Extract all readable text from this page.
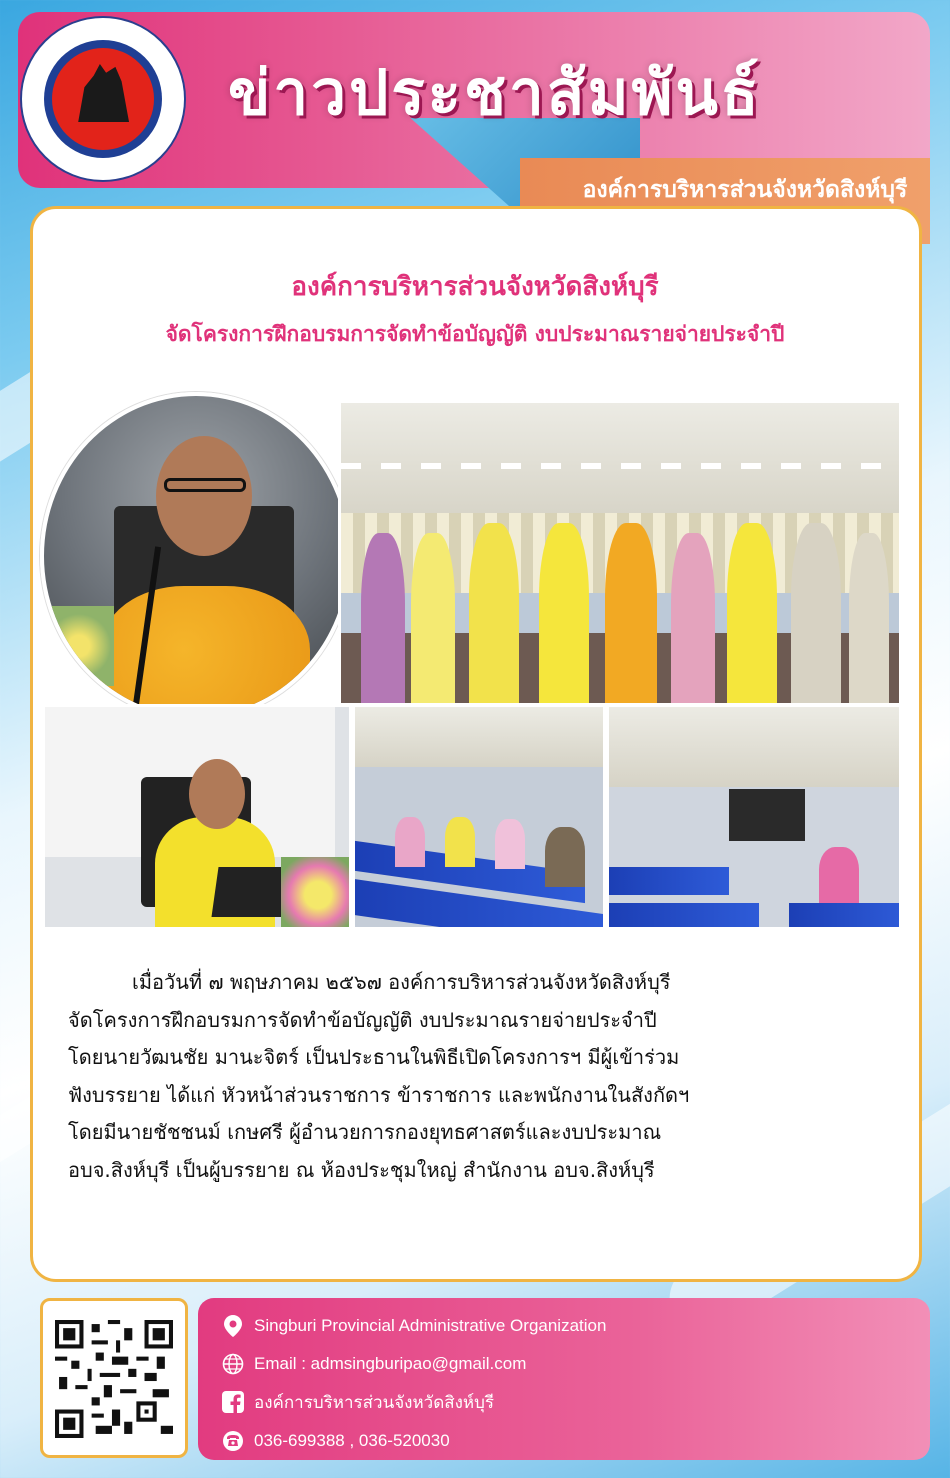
ข่าวประชาสัมพันธ์
องค์การบริหารส่วนจังหวัดสิงห์บุรี
องค์การบริหารส่วนจังหวัดสิงห์บุรี
จัดโครงการฝึกอบรมการจัดทำข้อบัญญัติ งบประมาณรายจ่ายประจำปี
เมื่อวันที่ ๗ พฤษภาคม ๒๕๖๗ องค์การบริหารส่วนจังหวัดสิงห์บุรี
จัดโครงการฝึกอบรมการจัดทำข้อบัญญัติ งบประมาณรายจ่ายประจำปี
โดยนายวัฒนชัย มานะจิตร์ เป็นประธานในพิธีเปิดโครงการฯ มีผู้เข้าร่วม
ฟังบรรยาย ได้แก่ หัวหน้าส่วนราชการ ข้าราชการ และพนักงานในสังกัดฯ
โดยมีนายชัชชนม์ เกษศรี ผู้อำนวยการกองยุทธศาสตร์และงบประมาณ
อบจ.สิงห์บุรี เป็นผู้บรรยาย ณ ห้องประชุมใหญ่ สำนักงาน อบจ.สิงห์บุรี
Singburi Provincial Administrative Organization
Email : admsingburipao@gmail.com
องค์การบริหารส่วนจังหวัดสิงห์บุรี
036-699388 , 036-520030
